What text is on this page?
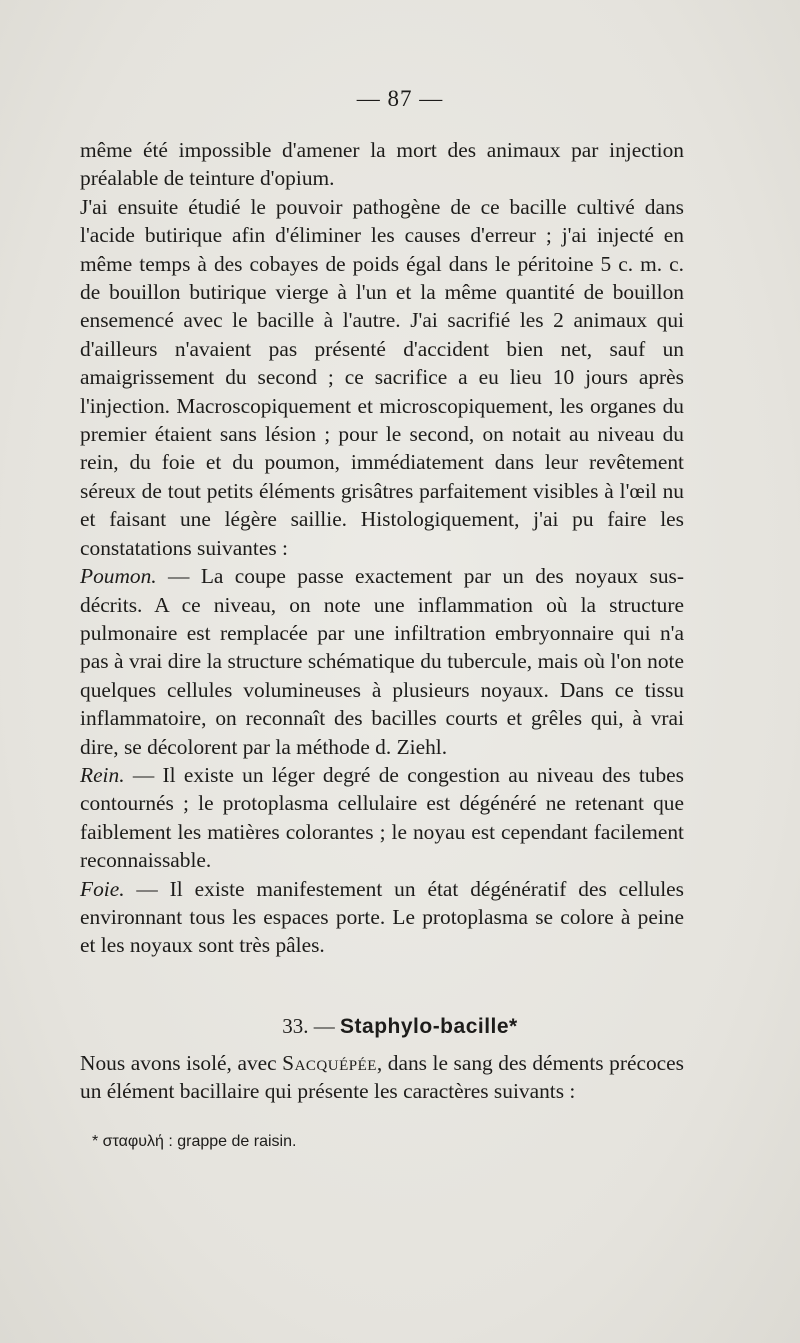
— 87 —

même été impossible d'amener la mort des animaux par injection préalable de teinture d'opium.

J'ai ensuite étudié le pouvoir pathogène de ce bacille cultivé dans l'acide butirique afin d'éliminer les causes d'erreur ; j'ai injecté en même temps à des cobayes de poids égal dans le péritoine 5 c. m. c. de bouillon butirique vierge à l'un et la même quantité de bouillon ensemencé avec le bacille à l'autre. J'ai sacrifié les 2 animaux qui d'ailleurs n'avaient pas présenté d'accident bien net, sauf un amaigrissement du second ; ce sacrifice a eu lieu 10 jours après l'injection. Macroscopiquement et microscopiquement, les organes du premier étaient sans lésion ; pour le second, on notait au niveau du rein, du foie et du poumon, immédiatement dans leur revêtement séreux de tout petits éléments grisâtres parfaitement visibles à l'œil nu et faisant une légère saillie. Histologiquement, j'ai pu faire les constatations suivantes :

Poumon. — La coupe passe exactement par un des noyaux sus-décrits. A ce niveau, on note une inflammation où la structure pulmonaire est remplacée par une infiltration embryonnaire qui n'a pas à vrai dire la structure schématique du tubercule, mais où l'on note quelques cellules volumineuses à plusieurs noyaux. Dans ce tissu inflammatoire, on reconnaît des bacilles courts et grêles qui, à vrai dire, se décolorent par la méthode d. Ziehl.

Rein. — Il existe un léger degré de congestion au niveau des tubes contournés ; le protoplasma cellulaire est dégénéré ne retenant que faiblement les matières colorantes ; le noyau est cependant facilement reconnaissable.

Foie. — Il existe manifestement un état dégénératif des cellules environnant tous les espaces porte. Le protoplasma se colore à peine et les noyaux sont très pâles.

33. — Staphylo-bacille*

Nous avons isolé, avec Sacquépée, dans le sang des déments précoces un élément bacillaire qui présente les caractères suivants :

* σταφυλή : grappe de raisin.
